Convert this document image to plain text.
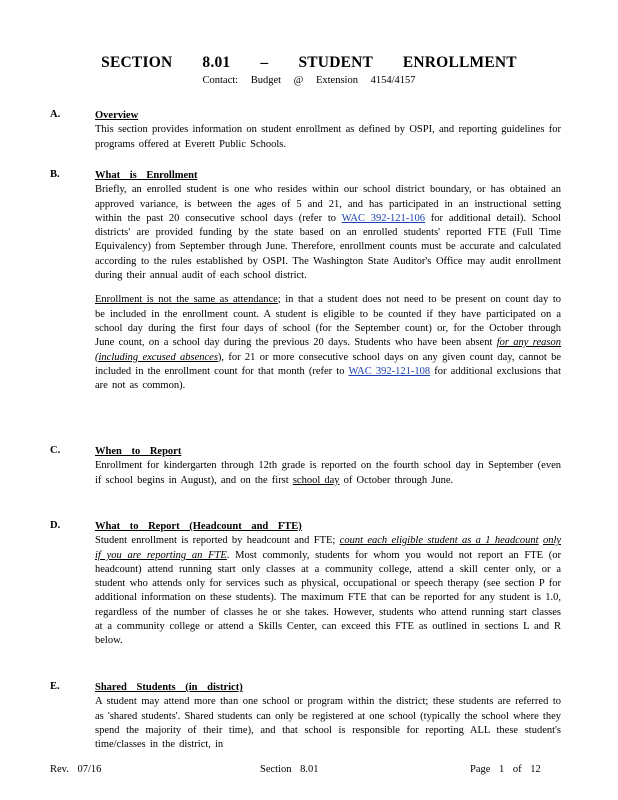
SECTION 8.01 – STUDENT ENROLLMENT
Contact: Budget @ Extension 4154/4157
A.	Overview
This section provides information on student enrollment as defined by OSPI, and reporting guidelines for programs offered at Everett Public Schools.
B.	What is Enrollment
Briefly, an enrolled student is one who resides within our school district boundary, or has obtained an approved variance, is between the ages of 5 and 21, and has participated in an instructional setting within the past 20 consecutive school days (refer to WAC 392-121-106 for additional detail). School districts' are provided funding by the state based on an enrolled students' reported FTE (Full Time Equivalency) from September through June. Therefore, enrollment counts must be accurate and calculated according to the rules established by OSPI. The Washington State Auditor's Office may audit enrollment during their annual audit of each school district.
Enrollment is not the same as attendance; in that a student does not need to be present on count day to be included in the enrollment count. A student is eligible to be counted if they have participated on a school day during the first four days of school (for the September count) or, for the October through June count, on a school day during the previous 20 days. Students who have been absent for any reason (including excused absences), for 21 or more consecutive school days on any given count day, cannot be included in the enrollment count for that month (refer to WAC 392-121-108 for additional exclusions that are not as common).
C.	When to Report
Enrollment for kindergarten through 12th grade is reported on the fourth school day in September (even if school begins in August), and on the first school day of October through June.
D.	What to Report (Headcount and FTE)
Student enrollment is reported by headcount and FTE; count each eligible student as a 1 headcount only if you are reporting an FTE. Most commonly, students for whom you would not report an FTE (or headcount) attend running start only classes at a community college, attend a skill center only, or a student who attends only for services such as physical, occupational or speech therapy (see section P for additional information on these students). The maximum FTE that can be reported for any student is 1.0, regardless of the number of classes he or she takes. However, students who attend running start classes at a community college or attend a Skills Center, can exceed this FTE as outlined in sections L and R below.
E.	Shared Students (in district)
A student may attend more than one school or program within the district; these students are referred to as 'shared students'. Shared students can only be registered at one school (typically the school where they spend the majority of their time), and that school is responsible for reporting ALL these student's time/classes in the district, in
Rev. 07/16	Section 8.01	Page 1 of 12
